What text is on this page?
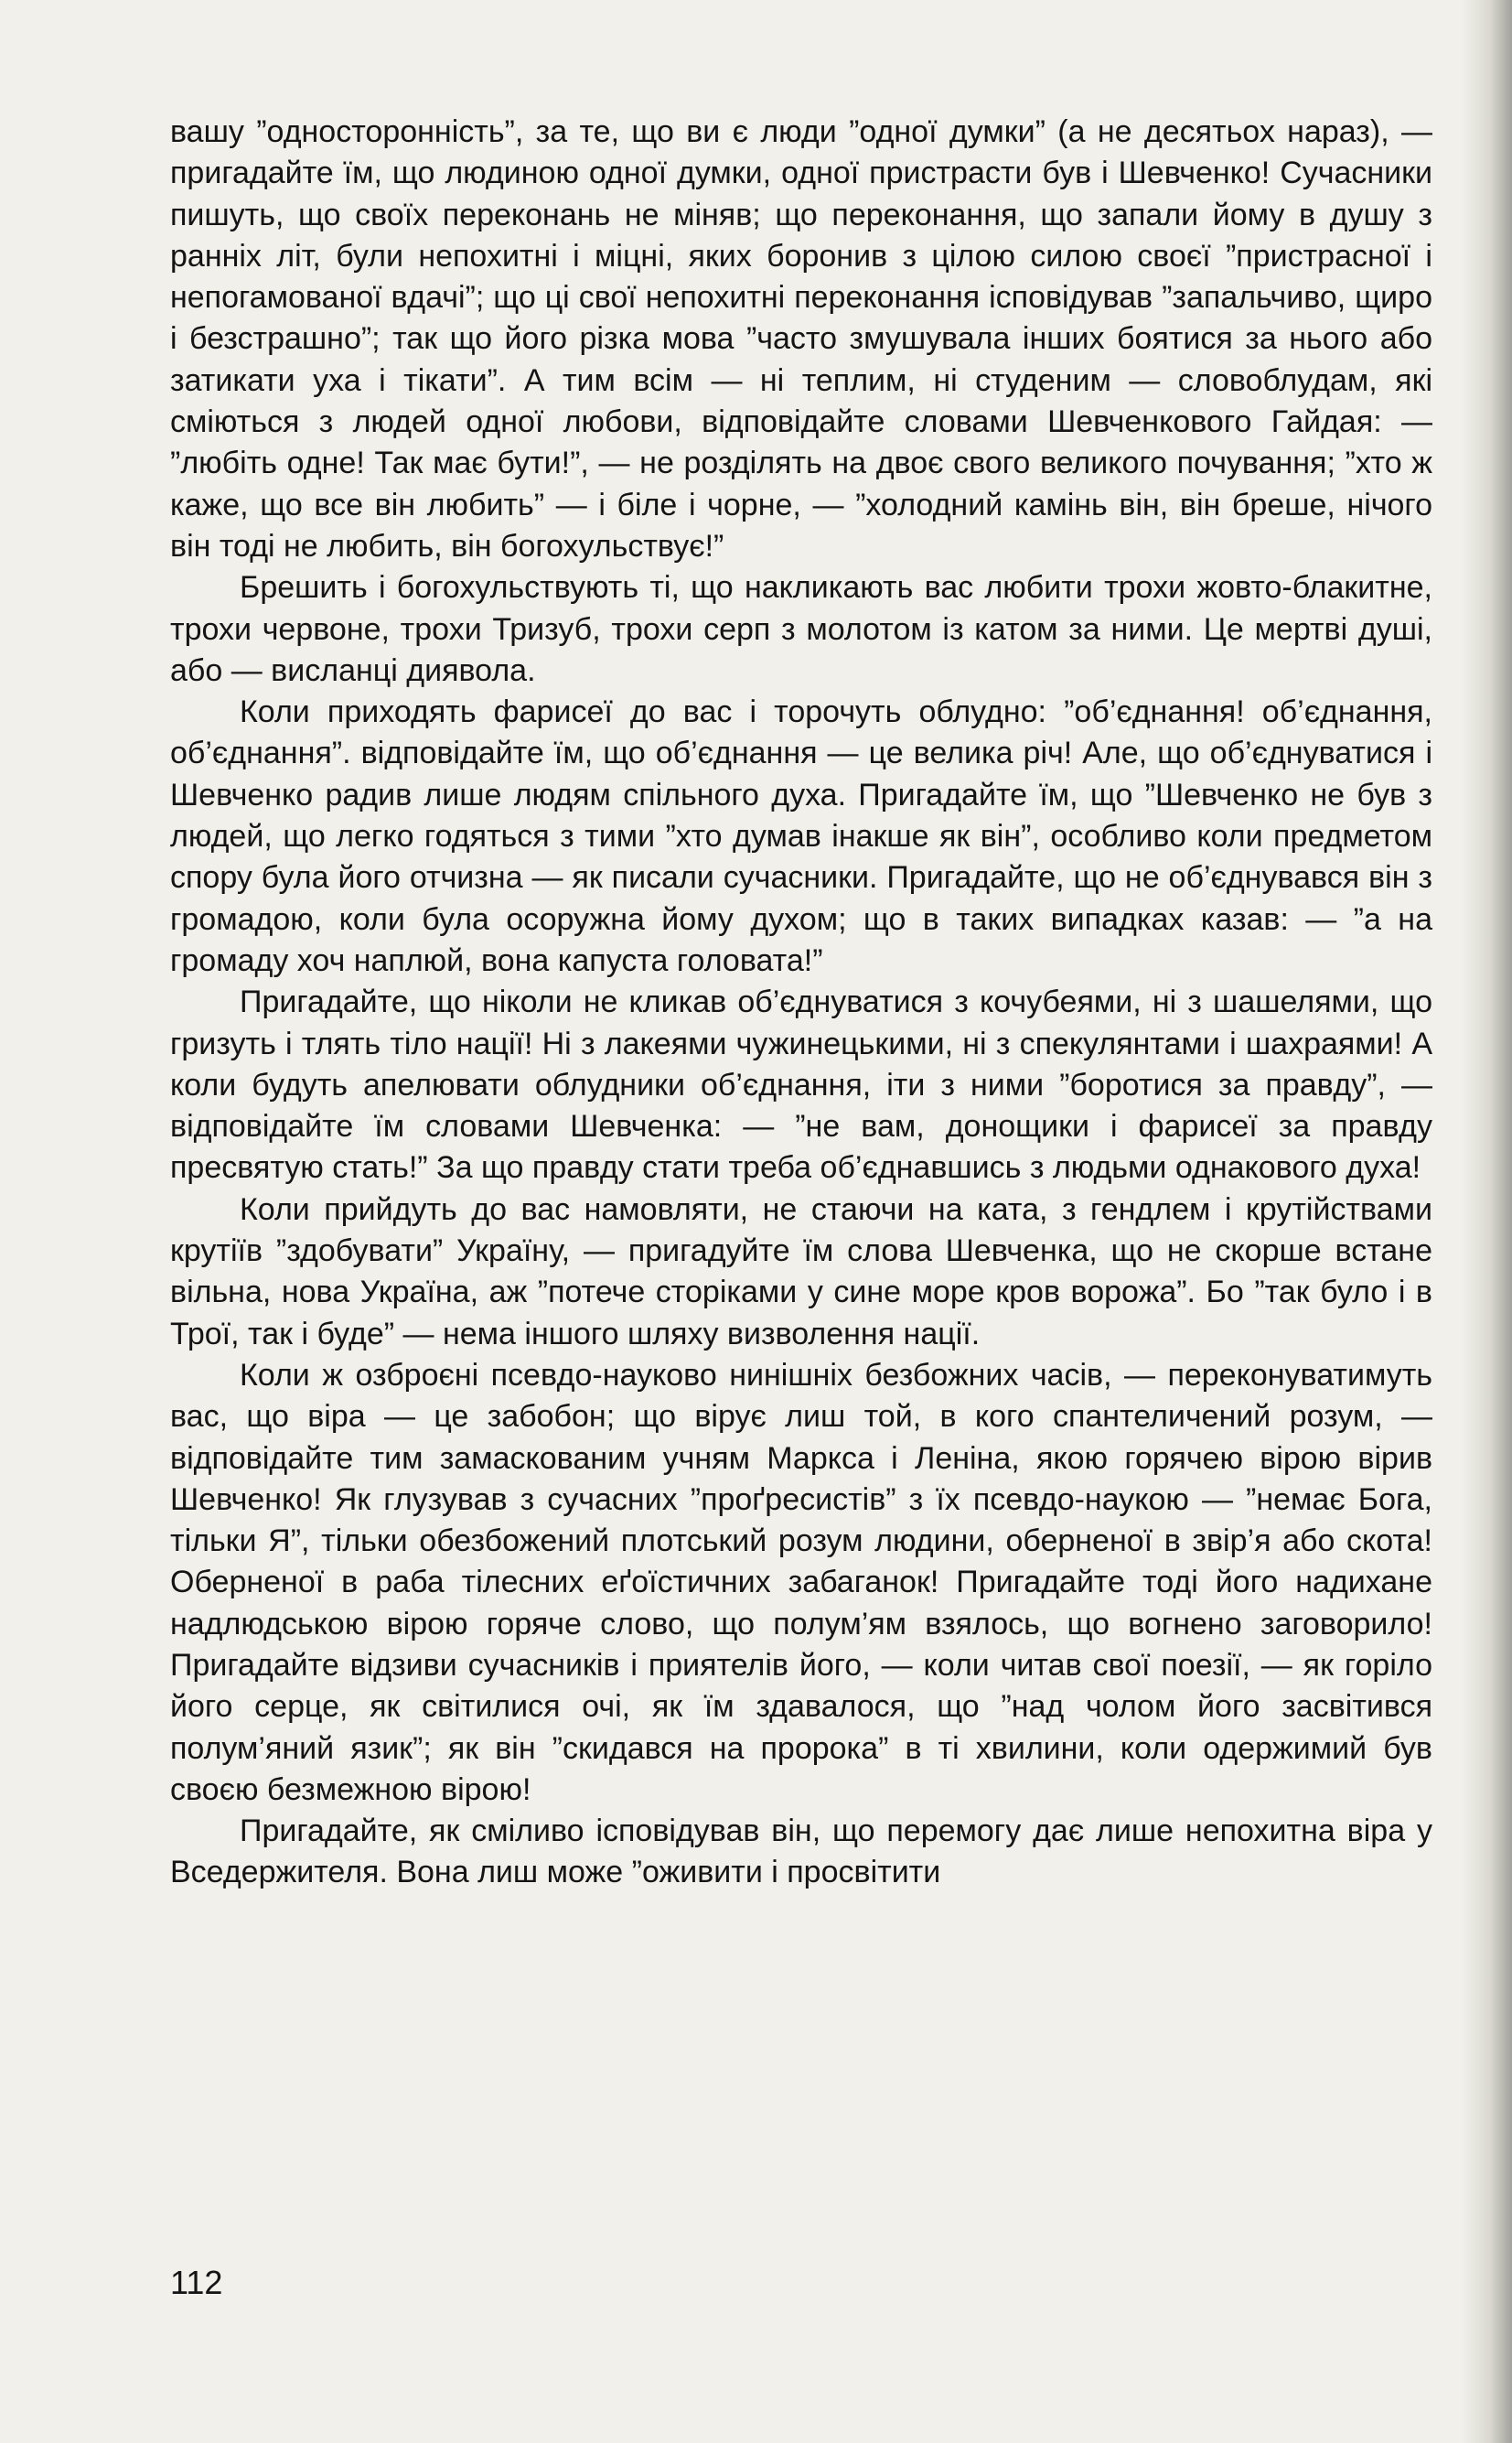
вашу ”односторонність”, за те, що ви є люди ”одної думки” (а не десятьох нараз), — пригадайте їм, що людиною одної думки, одної пристрасти був і Шевченко! Сучасники пишуть, що своїх переконань не міняв; що переконання, що запали йому в душу з ранніх літ, були непохитні і міцні, яких боронив з цілою силою своєї ”пристрасної і непогамованої вдачі”; що ці свої непохитні переконання ісповідував ”запальчиво, щиро і безстрашно”; так що його різка мова ”часто змушувала інших боятися за нього або затикати уха і тікати”. А тим всім — ні теплим, ні студеним — словоблудам, які сміються з людей одної любови, відповідайте словами Шевченкового Гайдая: — ”любіть одне! Так має бути!”, — не розділять на двоє свого великого почування; ”хто ж каже, що все він любить” — і біле і чорне, — ”холодний камінь він, він бреше, нічого він тоді не любить, він богохульствує!”

Брешить і богохульствують ті, що накликають вас любити трохи жовто-блакитне, трохи червоне, трохи Тризуб, трохи серп з молотом із катом за ними. Це мертві душі, або — висланці диявола.

Коли приходять фарисеї до вас і торочуть облудно: ”об’єднання! об’єднання, об’єднання”. відповідайте їм, що об’єднання — це велика річ! Але, що об’єднуватися і Шевченко радив лише людям спільного духа. Пригадайте їм, що ”Шевченко не був з людей, що легко годяться з тими ”хто думав інакше як він”, особливо коли предметом спору була його отчизна — як писали сучасники. Пригадайте, що не об’єднувався він з громадою, коли була осоружна йому духом; що в таких випадках казав: — ”а на громаду хоч наплюй, вона капуста головата!”

Пригадайте, що ніколи не кликав об’єднуватися з кочубеями, ні з шашелями, що гризуть і тлять тіло нації! Ні з лакеями чужинецькими, ні з спекулянтами і шахраями! А коли будуть апелювати облудники об’єднання, іти з ними ”боротися за правду”, — відповідайте їм словами Шевченка: — ”не вам, донощики і фарисеї за правду пресвятую стать!” За що правду стати треба об’єднавшись з людьми однакового духа!

Коли прийдуть до вас намовляти, не стаючи на ката, з гендлем і крутійствами крутіїв ”здобувати” Україну, — пригадуйте їм слова Шевченка, що не скорше встане вільна, нова Україна, аж ”потече сторіками у сине море кров ворожа”. Бо ”так було і в Трої, так і буде” — нема іншого шляху визволення нації.

Коли ж озброєні псевдо-науково нинішніх безбожних часів, — переконуватимуть вас, що віра — це забобон; що вірує лиш той, в кого спантеличений розум, — відповідайте тим замаскованим учням Маркса і Леніна, якою горячею вірою вірив Шевченко! Як глузував з сучасних ”проґресистів” з їх псевдо-наукою — ”немає Бога, тільки Я”, тільки обезбожений плотський розум людини, оберненої в звір’я або скота! Оберненої в раба тілесних еґоїстичних забаганок! Пригадайте тоді його надихане надлюдською вірою горяче слово, що полум’ям взялось, що вогнено заговорило! Пригадайте відзиви сучасників і приятелів його, — коли читав свої поезії, — як горіло його серце, як світилися очі, як їм здавалося, що ”над чолом його засвітився полум’яний язик”; як він ”скидався на пророка” в ті хвилини, коли одержимий був своєю безмежною вірою!

Пригадайте, як сміливо ісповідував він, що перемогу дає лише непохитна віра у Вседержителя. Вона лиш може ”оживити і просвітити

112
